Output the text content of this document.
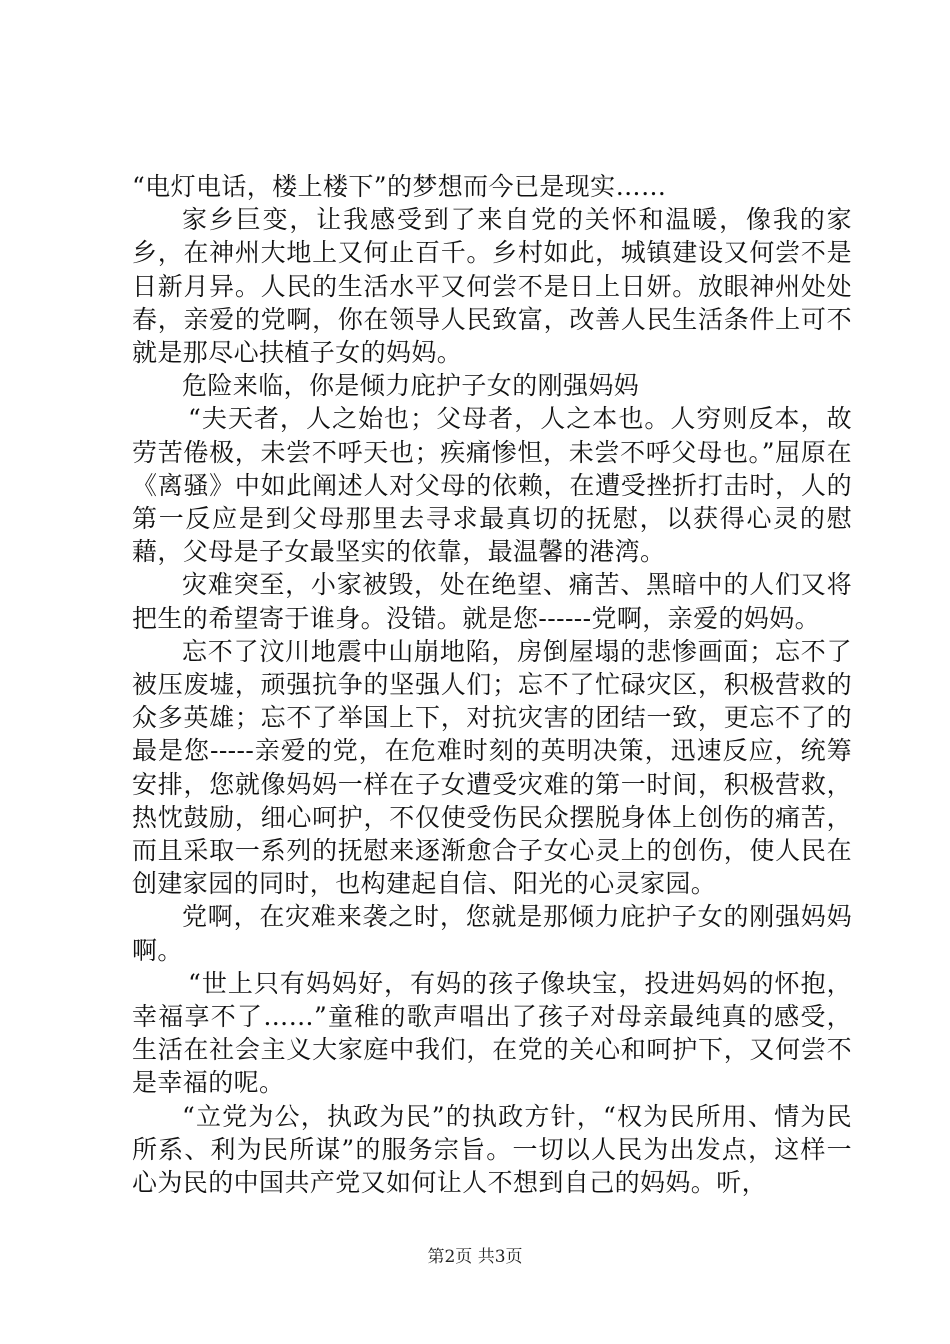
“电灯电话，楼上楼下”的梦想而今已是现实……

家乡巨变，让我感受到了来自党的关怀和温暖，像我的家乡，在神州大地上又何止百千。乡村如此，城镇建设又何尝不是日新月异。人民的生活水平又何尝不是日上日妍。放眼神州处处春，亲爱的党啊，你在领导人民致富，改善人民生活条件上可不就是那尽心扶植子女的妈妈。

危险来临，你是倾力庇护子女的刚强妈妈

“夫天者，人之始也；父母者，人之本也。人穷则反本，故劳苦倦极，未尝不呼天也；疾痛惨怛，未尝不呼父母也。”屈原在《离骚》中如此阐述人对父母的依赖，在遭受挫折打击时，人的第一反应是到父母那里去寻求最真切的抚慰，以获得心灵的慰藉，父母是子女最坚实的依靠，最温馨的港湾。

灾难突至，小家被毁，处在绝望、痛苦、黑暗中的人们又将把生的希望寄于谁身。没错。就是您------党啊，亲爱的妈妈。

忘不了汶川地震中山崩地陷，房倒屋塌的悲惨画面；忘不了被压废墟，顽强抗争的坚强人们；忘不了忙碌灾区，积极营救的众多英雄；忘不了举国上下，对抗灾害的团结一致，更忘不了的最是您-----亲爱的党，在危难时刻的英明决策，迅速反应，统筹安排，您就像妈妈一样在子女遭受灾难的第一时间，积极营救，热忱鼓励，细心呵护，不仅使受伤民众摆脱身体上创伤的痛苦，而且采取一系列的抚慰来逐渐愈合子女心灵上的创伤，使人民在创建家园的同时，也构建起自信、阳光的心灵家园。

党啊，在灾难来袭之时，您就是那倾力庇护子女的刚强妈妈啊。

“世上只有妈妈好，有妈的孩子像块宝，投进妈妈的怀抱，幸福享不了……”童稚的歌声唱出了孩子对母亲最纯真的感受，生活在社会主义大家庭中我们，在党的关心和呵护下，又何尝不是幸福的呢。

“立党为公，执政为民”的执政方针，“权为民所用、情为民所系、利为民所谋”的服务宗旨。一切以人民为出发点，这样一心为民的中国共产党又如何让人不想到自己的妈妈。听，

第2页 共3页
